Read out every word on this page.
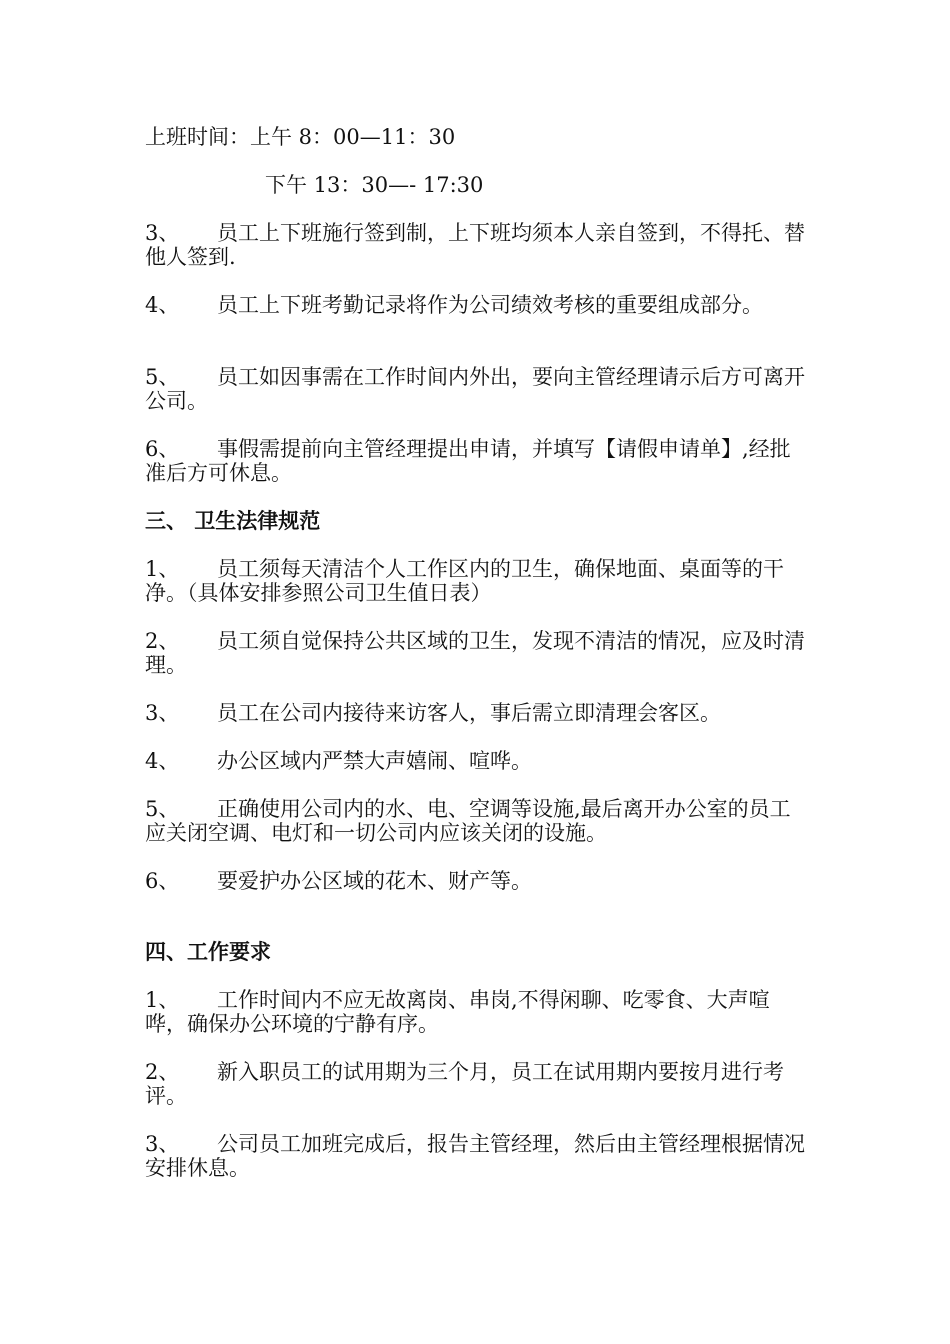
上班时间：上午 8：00—11：30
下午 13：30—- 17:30
3、 员工上下班施行签到制，上下班均须本人亲自签到，不得托、替他人签到.
4、 员工上下班考勤记录将作为公司绩效考核的重要组成部分。
5、 员工如因事需在工作时间内外出，要向主管经理请示后方可离开公司。
6、 事假需提前向主管经理提出申请，并填写【请假申请单】,经批准后方可休息。
三、 卫生法律规范
1、 员工须每天清洁个人工作区内的卫生，确保地面、桌面等的干净。（具体安排参照公司卫生值日表）
2、 员工须自觉保持公共区域的卫生，发现不清洁的情况，应及时清理。
3、 员工在公司内接待来访客人，事后需立即清理会客区。
4、 办公区域内严禁大声嬉闹、喧哗。
5、 正确使用公司内的水、电、空调等设施,最后离开办公室的员工应关闭空调、电灯和一切公司内应该关闭的设施。
6、 要爱护办公区域的花木、财产等。
四、工作要求
1、 工作时间内不应无故离岗、串岗,不得闲聊、吃零食、大声喧哗，确保办公环境的宁静有序。
2、 新入职员工的试用期为三个月，员工在试用期内要按月进行考评。
3、 公司员工加班完成后，报告主管经理，然后由主管经理根据情况安排休息。
